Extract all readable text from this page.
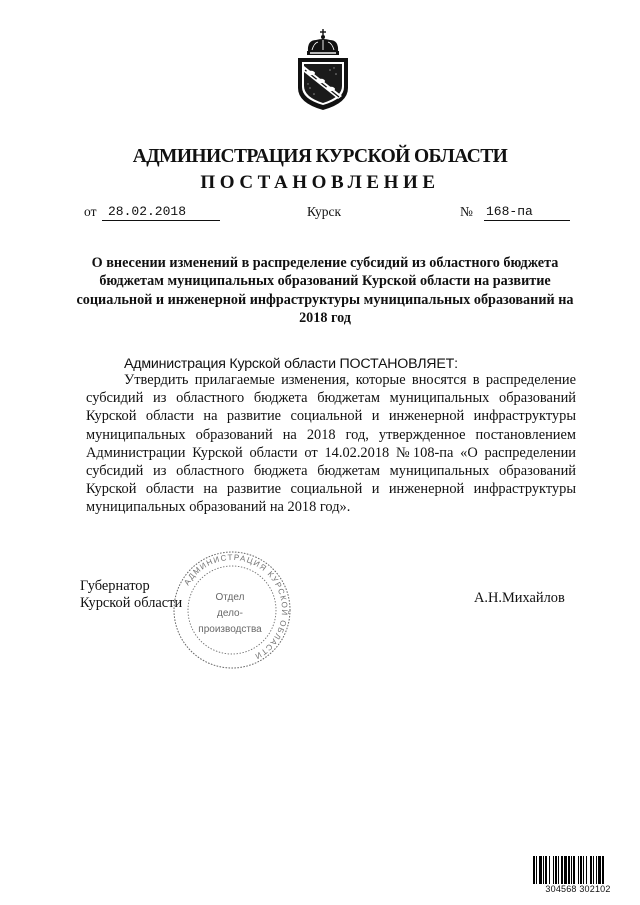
АДМИНИСТРАЦИЯ КУРСКОЙ ОБЛАСТИ
ПОСТАНОВЛЕНИЕ
от 28.02.2018	Курск	№ 168-па
О внесении изменений в распределение субсидий из областного бюджета бюджетам муниципальных образований Курской области на развитие социальной и инженерной инфраструктуры муниципальных образований на 2018 год
Администрация Курской области ПОСТАНОВЛЯЕТ:

Утвердить прилагаемые изменения, которые вносятся в распределение субсидий из областного бюджета бюджетам муниципальных образований Курской области на развитие социальной и инженерной инфраструктуры муниципальных образований на 2018 год, утвержденное постановлением Администрации Курской области от 14.02.2018 №108-па «О распределении субсидий из областного бюджета бюджетам муниципальных образований Курской области на развитие социальной и инженерной инфраструктуры муниципальных образований на 2018 год».

Губернатор
Курской области	А.Н.Михайлов
АДМИНИСТРАЦИЯ КУРСКОЙ ОБЛАСТИ
Отдел
дело-
производства
304568 302102
